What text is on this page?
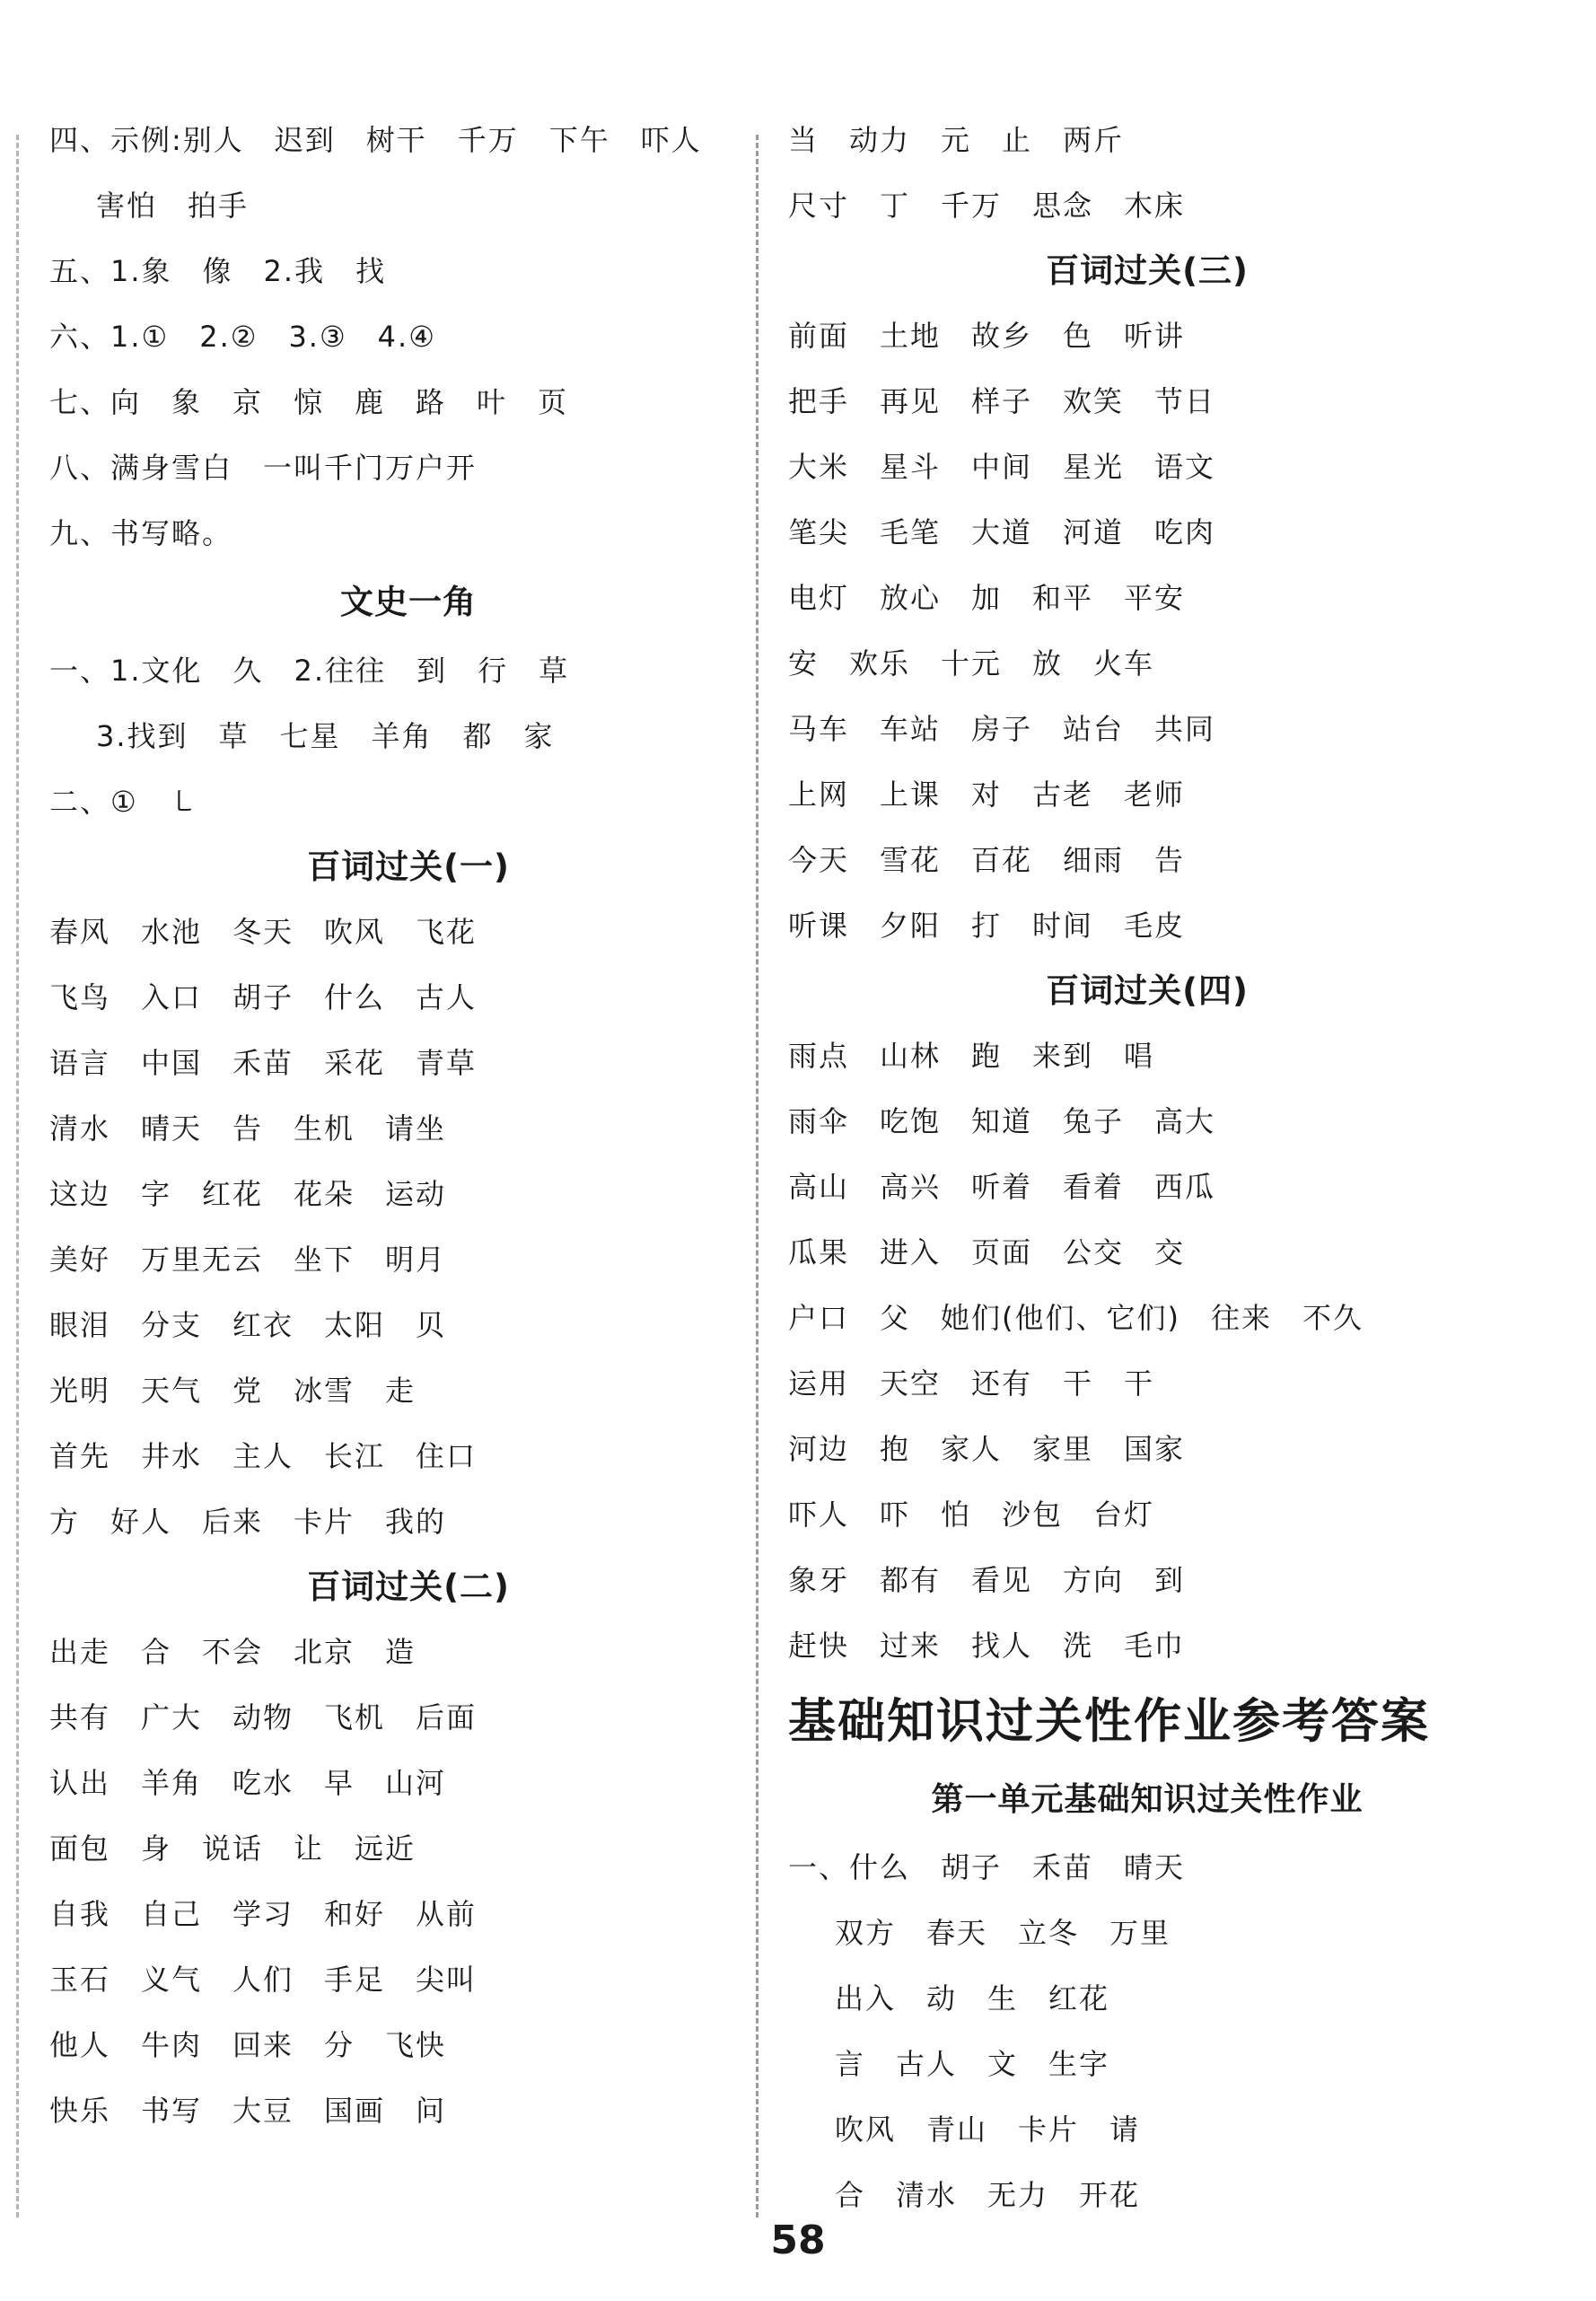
四、示例:别人　迟到　树干　千万　下午　吓人
害怕　拍手
五、1.象　像　2.我　找
六、1.①　2.②　3.③　4.④
七、向　象　京　惊　鹿　路　叶　页
八、满身雪白　一叫千门万户开
九、书写略。
文史一角
一、1.文化　久　2.往往　到　行　草
3.找到　草　七星　羊角　都　家
二、①　㇄
百词过关(一)
春风　水池　冬天　吹风　飞花
飞鸟　入口　胡子　什么　古人
语言　中国　禾苗　采花　青草
清水　晴天　告　生机　请坐
这边　字　红花　花朵　运动
美好　万里无云　坐下　明月
眼泪　分支　红衣　太阳　贝
光明　天气　党　冰雪　走
首先　井水　主人　长江　住口
方　好人　后来　卡片　我的
百词过关(二)
出走　合　不会　北京　造
共有　广大　动物　飞机　后面
认出　羊角　吃水　早　山河
面包　身　说话　让　远近
自我　自己　学习　和好　从前
玉石　义气　人们　手足　尖叫
他人　牛肉　回来　分　飞快
快乐　书写　大豆　国画　问
当　动力　元　止　两斤
尺寸　丁　千万　思念　木床
百词过关(三)
前面　土地　故乡　色　听讲
把手　再见　样子　欢笑　节日
大米　星斗　中间　星光　语文
笔尖　毛笔　大道　河道　吃肉
电灯　放心　加　和平　平安
安　欢乐　十元　放　火车
马车　车站　房子　站台　共同
上网　上课　对　古老　老师
今天　雪花　百花　细雨　告
听课　夕阳　打　时间　毛皮
百词过关(四)
雨点　山林　跑　来到　唱
雨伞　吃饱　知道　兔子　高大
高山　高兴　听着　看着　西瓜
瓜果　进入　页面　公交　交
户口　父　她们(他们、它们)　往来　不久
运用　天空　还有　干　干
河边　抱　家人　家里　国家
吓人　吓　怕　沙包　台灯
象牙　都有　看见　方向　到
赶快　过来　找人　洗　毛巾
基础知识过关性作业参考答案
第一单元基础知识过关性作业
一、什么　胡子　禾苗　晴天
双方　春天　立冬　万里
出入　动　生　红花
言　古人　文　生字
吹风　青山　卡片　请
合　清水　无力　开花
58
